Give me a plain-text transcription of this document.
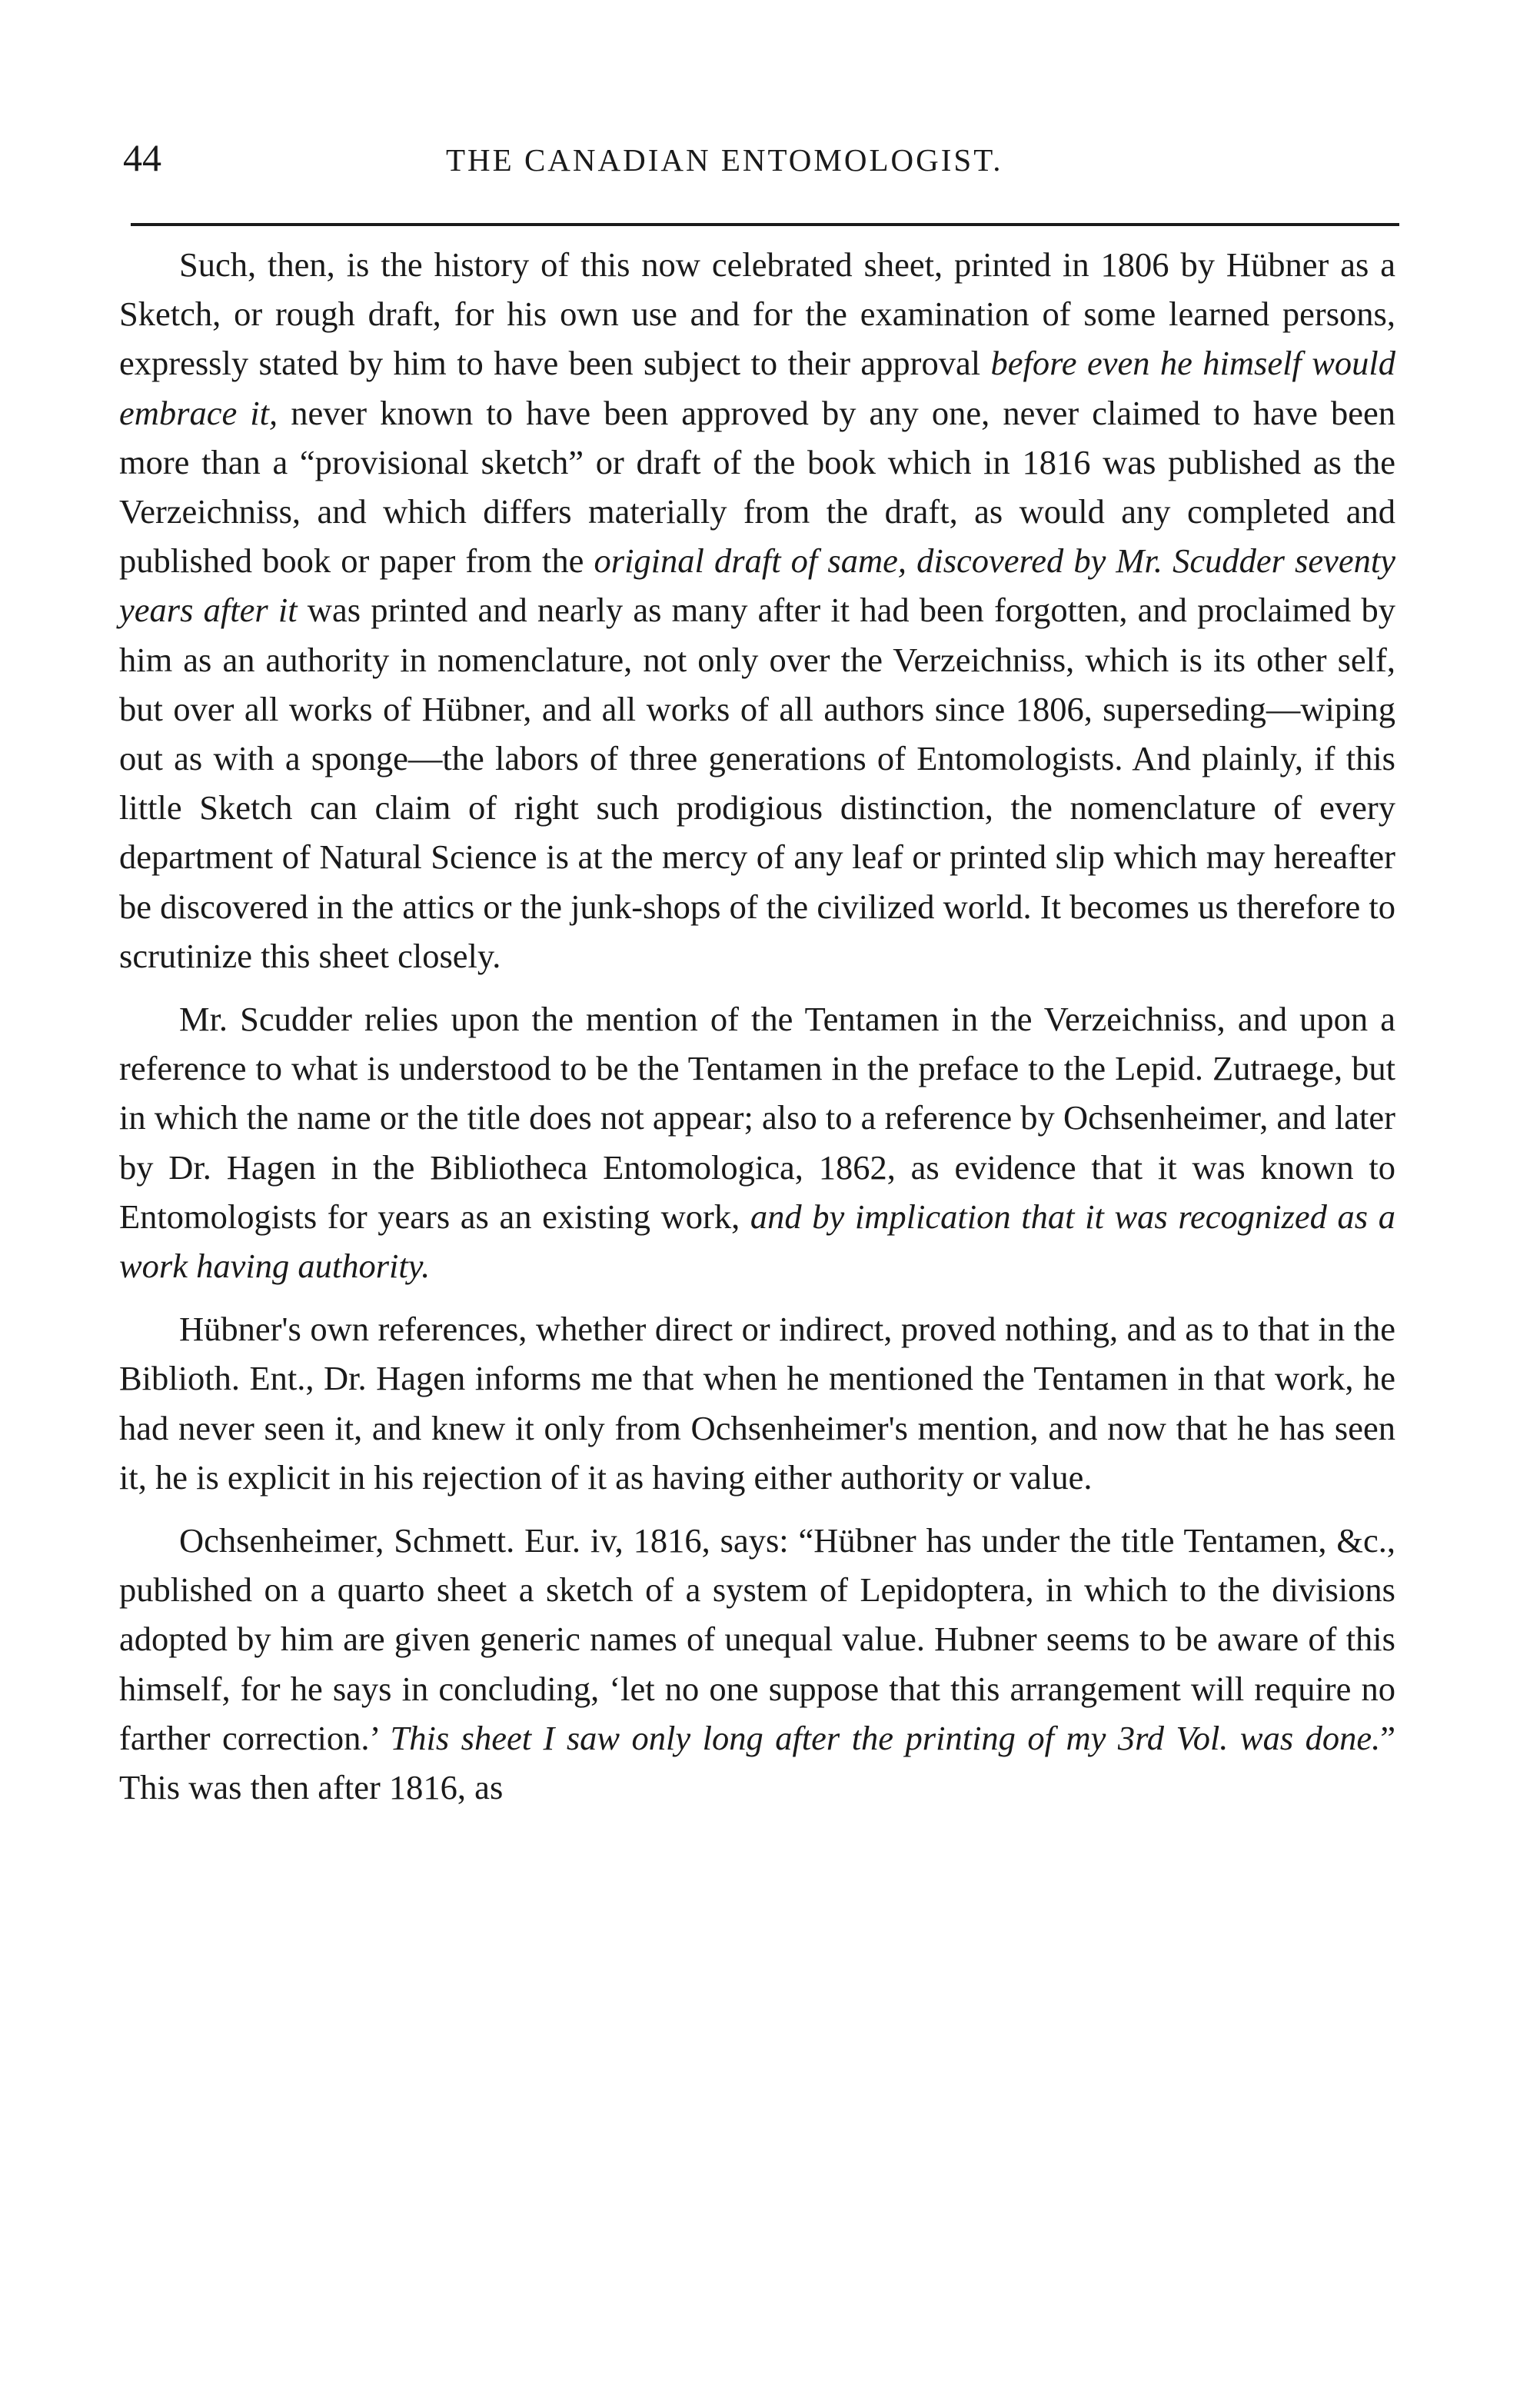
44	THE CANADIAN ENTOMOLOGIST.

Such, then, is the history of this now celebrated sheet, printed in 1806 by Hübner as a Sketch, or rough draft, for his own use and for the examination of some learned persons, expressly stated by him to have been subject to their approval before even he himself would embrace it, never known to have been approved by any one, never claimed to have been more than a “provisional sketch” or draft of the book which in 1816 was published as the Verzeichniss, and which differs materially from the draft, as would any completed and published book or paper from the original draft of same, discovered by Mr. Scudder seventy years after it was printed and nearly as many after it had been forgotten, and proclaimed by him as an authority in nomenclature, not only over the Verzeichniss, which is its other self, but over all works of Hübner, and all works of all authors since 1806, superseding—wiping out as with a sponge—the labors of three generations of Entomologists. And plainly, if this little Sketch can claim of right such prodigious distinction, the nomenclature of every department of Natural Science is at the mercy of any leaf or printed slip which may hereafter be discovered in the attics or the junk-shops of the civilized world. It becomes us therefore to scrutinize this sheet closely.

Mr. Scudder relies upon the mention of the Tentamen in the Verzeichniss, and upon a reference to what is understood to be the Tentamen in the preface to the Lepid. Zutraege, but in which the name or the title does not appear; also to a reference by Ochsenheimer, and later by Dr. Hagen in the Bibliotheca Entomologica, 1862, as evidence that it was known to Entomologists for years as an existing work, and by implication that it was recognized as a work having authority.

Hübner's own references, whether direct or indirect, proved nothing, and as to that in the Biblioth. Ent., Dr. Hagen informs me that when he mentioned the Tentamen in that work, he had never seen it, and knew it only from Ochsenheimer's mention, and now that he has seen it, he is explicit in his rejection of it as having either authority or value.

Ochsenheimer, Schmett. Eur. iv, 1816, says: “Hübner has under the title Tentamen, &c., published on a quarto sheet a sketch of a system of Lepidoptera, in which to the divisions adopted by him are given generic names of unequal value. Hubner seems to be aware of this himself, for he says in concluding, ‘let no one suppose that this arrangement will require no farther correction.’ This sheet I saw only long after the printing of my 3rd Vol. was done.” This was then after 1816, as
